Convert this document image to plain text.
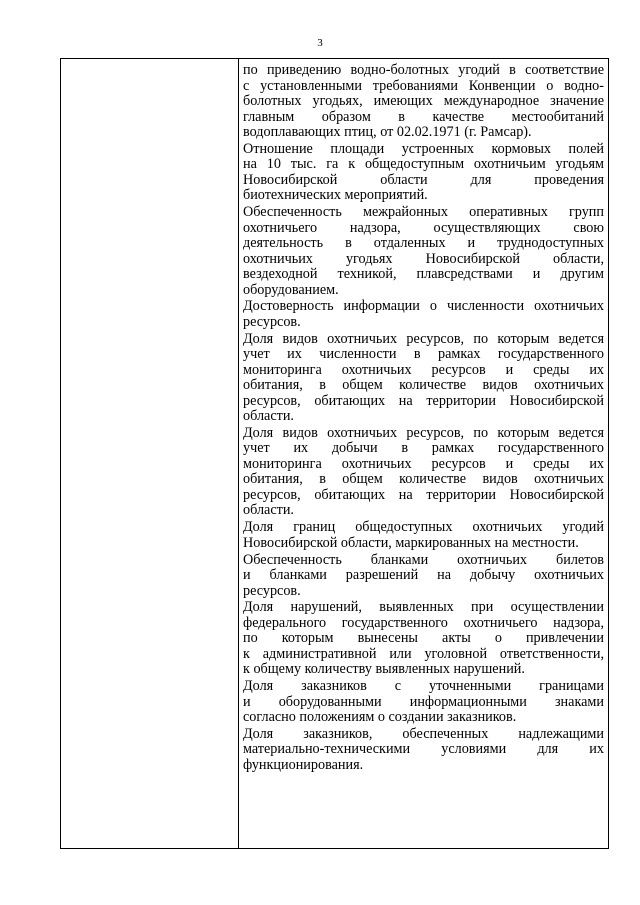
3
по приведению водно-болотных угодий в соответствие
с установленными требованиями Конвенции о водно-
болотных угодьях, имеющих международное значение
главным образом в качестве местообитаний
водоплавающих птиц, от 02.02.1971 (г. Рамсар).
Отношение площади устроенных кормовых полей
на 10 тыс. га к общедоступным охотничьим угодьям
Новосибирской области для проведения
биотехнических мероприятий.
Обеспеченность межрайонных оперативных групп
охотничьего надзора, осуществляющих свою
деятельность в отдаленных и труднодоступных
охотничьих угодьях Новосибирской области,
вездеходной техникой, плавсредствами и другим
оборудованием.
Достоверность информации о численности охотничьих
ресурсов.
Доля видов охотничьих ресурсов, по которым ведется
учет их численности в рамках государственного
мониторинга охотничьих ресурсов и среды их
обитания, в общем количестве видов охотничьих
ресурсов, обитающих на территории Новосибирской
области.
Доля видов охотничьих ресурсов, по которым ведется
учет их добычи в рамках государственного
мониторинга охотничьих ресурсов и среды их
обитания, в общем количестве видов охотничьих
ресурсов, обитающих на территории Новосибирской
области.
Доля границ общедоступных охотничьих угодий
Новосибирской области, маркированных на местности.
Обеспеченность бланками охотничьих билетов
и бланками разрешений на добычу охотничьих
ресурсов.
Доля нарушений, выявленных при осуществлении
федерального государственного охотничьего надзора,
по которым вынесены акты о привлечении
к административной или уголовной ответственности,
к общему количеству выявленных нарушений.
Доля заказников с уточненными границами
и оборудованными информационными знаками
согласно положениям о создании заказников.
Доля заказников, обеспеченных надлежащими
материально-техническими условиями для их
функционирования.
